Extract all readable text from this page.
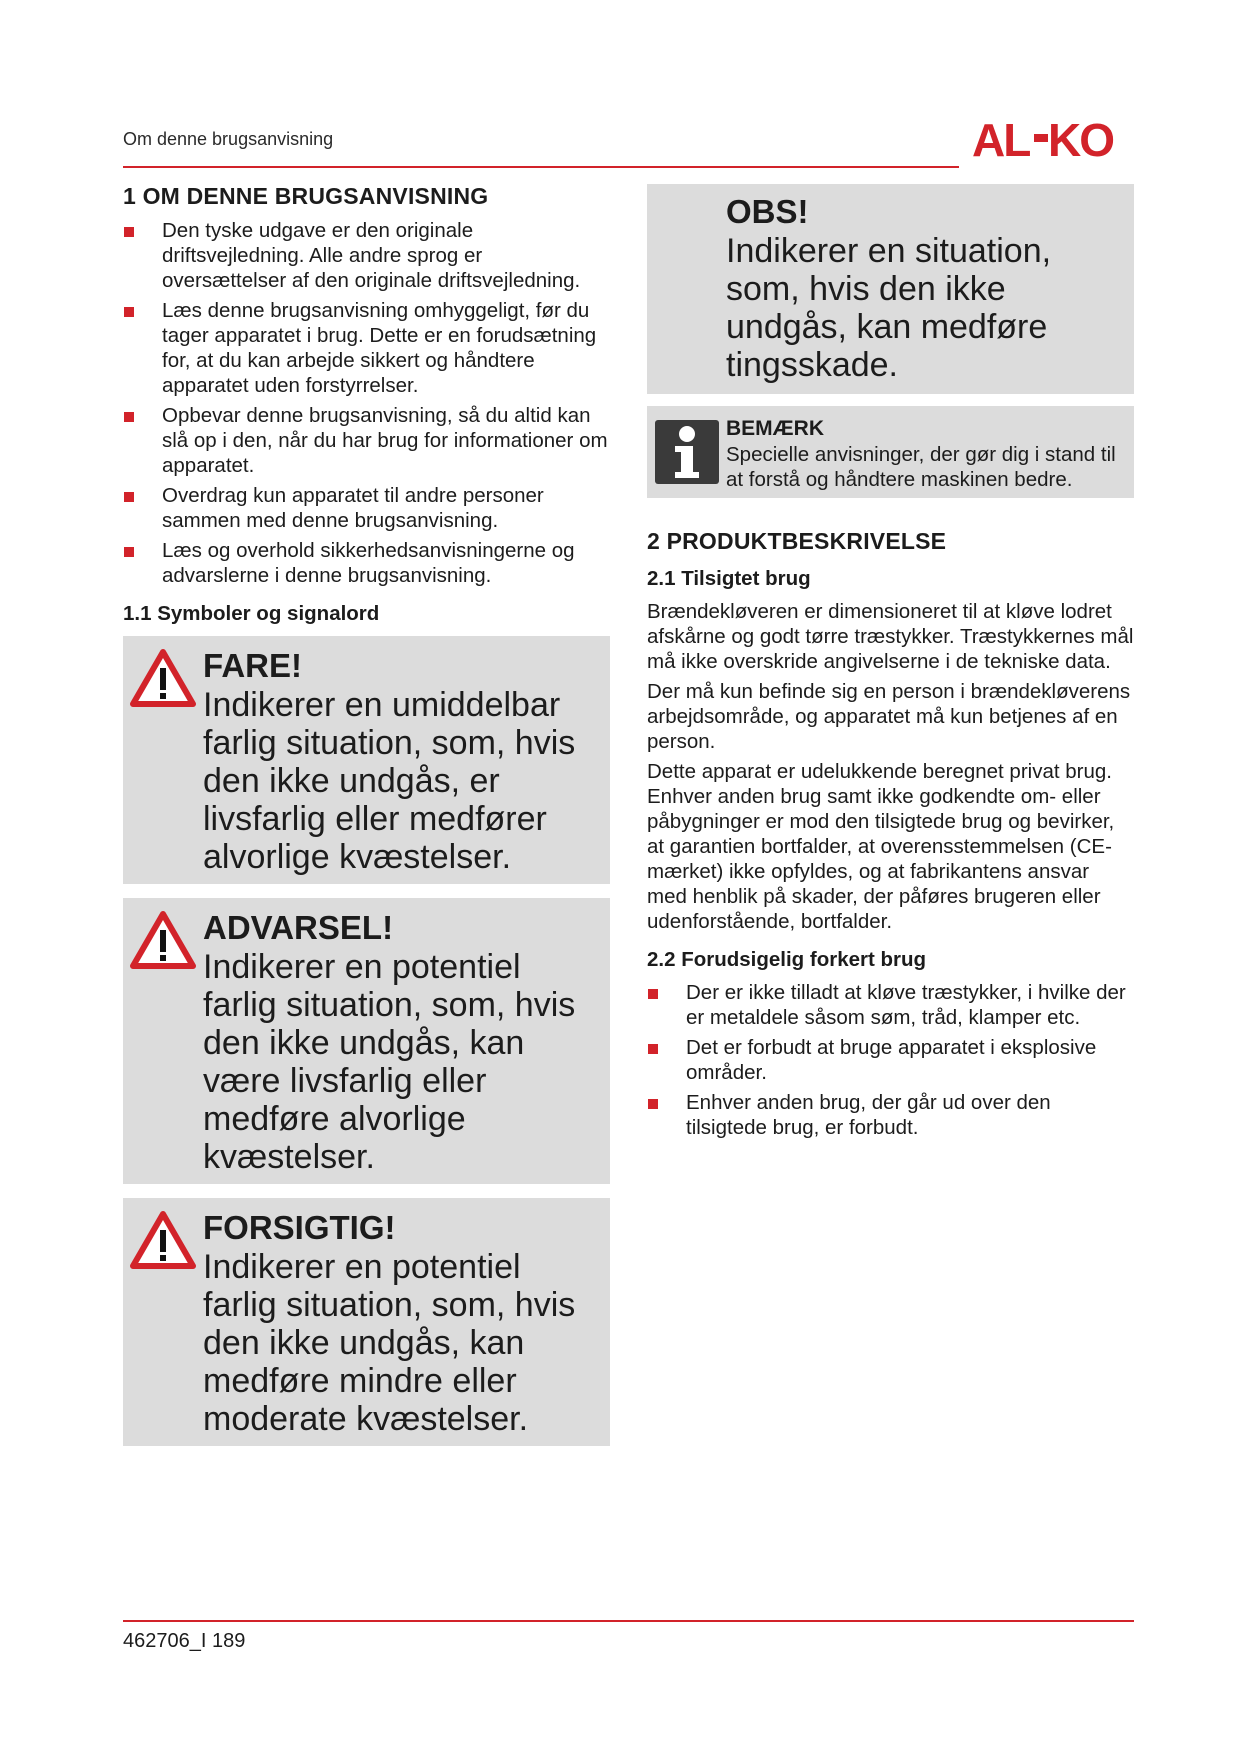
Om denne brugsanvisning	AL KO
1 OM DENNE BRUGSANVISNING
Den tyske udgave er den originale driftsvejledning. Alle andre sprog er oversættelser af den originale driftsvejledning.
Læs denne brugsanvisning omhyggeligt, før du tager apparatet i brug. Dette er en forudsætning for, at du kan arbejde sikkert og håndtere apparatet uden forstyrrelser.
Opbevar denne brugsanvisning, så du altid kan slå op i den, når du har brug for informationer om apparatet.
Overdrag kun apparatet til andre personer sammen med denne brugsanvisning.
Læs og overhold sikkerhedsanvisningerne og advarslerne i denne brugsanvisning.
1.1 Symboler og signalord
FARE!
Indikerer en umiddelbar farlig situation, som, hvis den ikke undgås, er livsfarlig eller medfører alvorlige kvæstelser.
ADVARSEL!
Indikerer en potentiel farlig situation, som, hvis den ikke undgås, kan være livsfarlig eller medføre alvorlige kvæstelser.
FORSIGTIG!
Indikerer en potentiel farlig situation, som, hvis den ikke undgås, kan medføre mindre eller moderate kvæstelser.
OBS!
Indikerer en situation, som, hvis den ikke undgås, kan medføre tingsskade.
BEMÆRK
Specielle anvisninger, der gør dig i stand til at forstå og håndtere maskinen bedre.
2 PRODUKTBESKRIVELSE
2.1 Tilsigtet brug

Brændekløveren er dimensioneret til at kløve lodret afskårne og godt tørre træstykker. Træstykkernes mål må ikke overskride angivelserne i de tekniske data.

Der må kun befinde sig en person i brændekløverens arbejdsområde, og apparatet må kun betjenes af en person.

Dette apparat er udelukkende beregnet privat brug. Enhver anden brug samt ikke godkendte om- eller påbygninger er mod den tilsigtede brug og bevirker, at garantien bortfalder, at overensstemmelsen (CE-mærket) ikke opfyldes, og at fabrikantens ansvar med henblik på skader, der påføres brugeren eller udenforstående, bortfalder.

2.2 Forudsigelig forkert brug
Der er ikke tilladt at kløve træstykker, i hvilke der er metaldele såsom søm, tråd, klamper etc.
Det er forbudt at bruge apparatet i eksplosive områder.
Enhver anden brug, der går ud over den tilsigtede brug, er forbudt.
462706_I 189
